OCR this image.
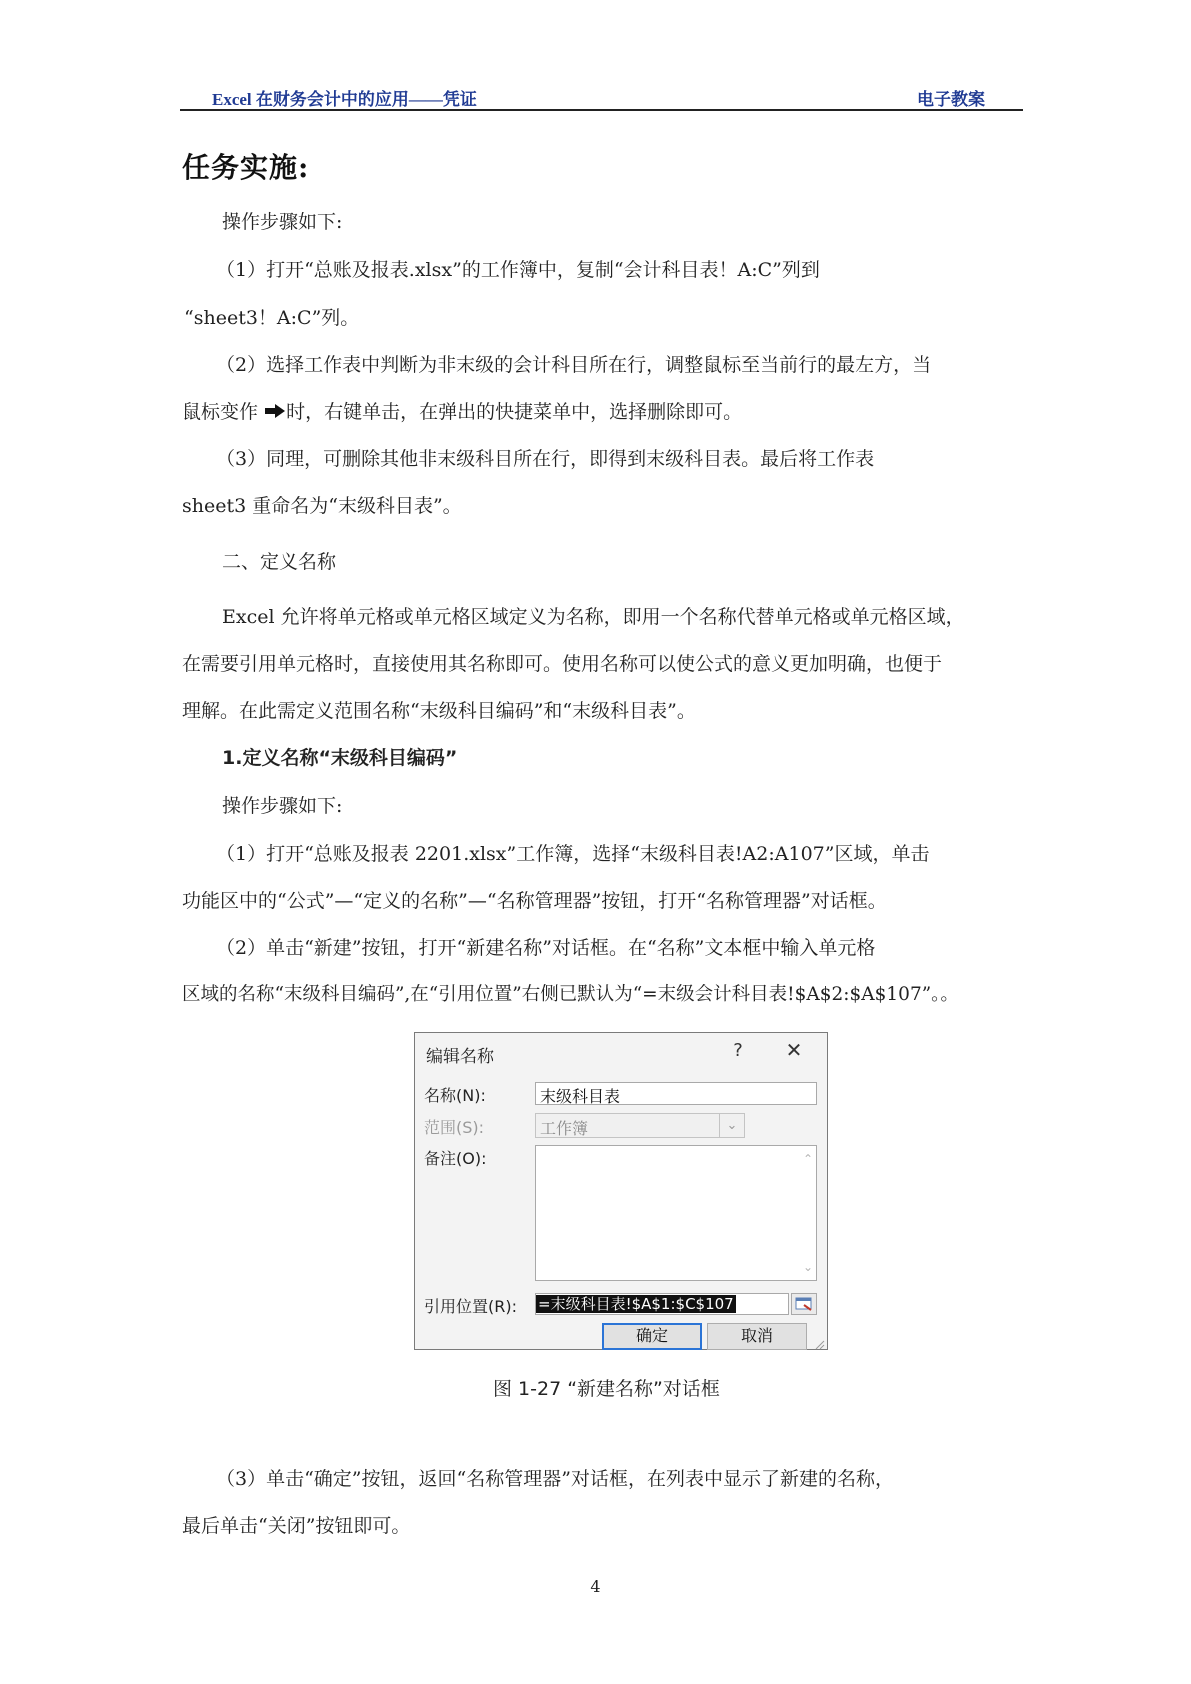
Excel 在财务会计中的应用——凭证	电子教案
任务实施:
操作步骤如下:
（1）打开“总账及报表.xlsx”的工作簿中，复制“会计科目表！A:C”列到
“sheet3！A:C”列。
（2）选择工作表中判断为非末级的会计科目所在行，调整鼠标至当前行的最左方，当
鼠标变作 时，右键单击，在弹出的快捷菜单中，选择删除即可。
（3）同理，可删除其他非末级科目所在行，即得到末级科目表。最后将工作表
sheet3 重命名为“末级科目表”。
二、定义名称
Excel 允许将单元格或单元格区域定义为名称，即用一个名称代替单元格或单元格区域，
在需要引用单元格时，直接使用其名称即可。使用名称可以使公式的意义更加明确，也便于
理解。在此需定义范围名称“末级科目编码”和“末级科目表”。
1.定义名称“末级科目编码”
操作步骤如下:
（1）打开“总账及报表 2201.xlsx”工作簿，选择“末级科目表!A2:A107”区域，单击
功能区中的“公式”—“定义的名称”—“名称管理器”按钮，打开“名称管理器”对话框。
（2）单击“新建”按钮，打开“新建名称”对话框。在“名称”文本框中输入单元格
区域的名称“末级科目编码”,在“引用位置”右侧已默认为“=末级会计科目表!$A$2:$A$107”。。
编辑名称	? ✕
名称(N):	末级科目表
范围(S):	工作簿	⌄
备注(O):	⌃
⌄
引用位置(R): =末级科目表!$A$1:$C$107
确定	取消
图 1-27 “新建名称”对话框
（3）单击“确定”按钮，返回“名称管理器”对话框，在列表中显示了新建的名称，
最后单击“关闭”按钮即可。
4
